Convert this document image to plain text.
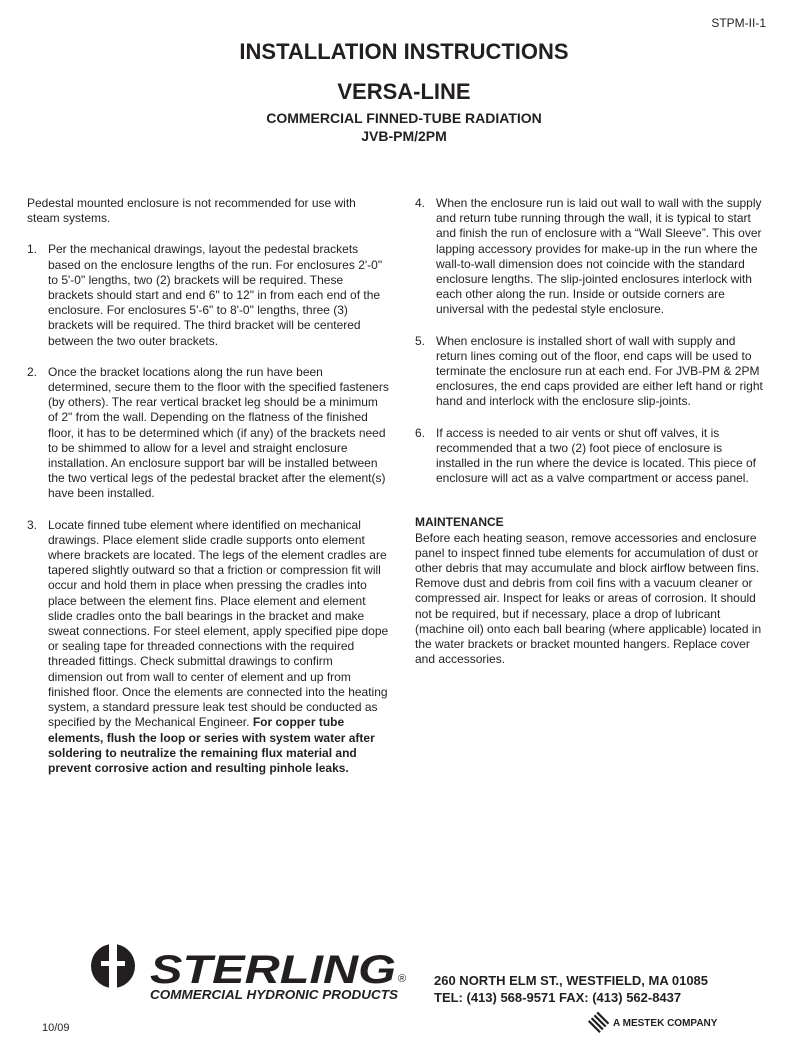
STPM-II-1
INSTALLATION INSTRUCTIONS
VERSA-LINE
COMMERCIAL FINNED-TUBE RADIATION
JVB-PM/2PM

Pedestal mounted enclosure is not recommended for use with steam systems.

1. Per the mechanical drawings, layout the pedestal brackets based on the enclosure lengths of the run. For enclosures 2'-0" to 5'-0" lengths, two (2) brackets will be required. These brackets should start and end 6" to 12" in from each end of the enclosure. For enclosures 5'-6" to 8'-0" lengths, three (3) brackets will be required. The third bracket will be centered between the two outer brackets.
2. Once the bracket locations along the run have been determined, secure them to the floor with the specified fasteners (by others). The rear vertical bracket leg should be a minimum of 2" from the wall. Depending on the flatness of the finished floor, it has to be determined which (if any) of the brackets need to be shimmed to allow for a level and straight enclosure installation. An enclosure support bar will be installed between the two vertical legs of the pedestal bracket after the element(s) have been installed.
3. Locate finned tube element where identified on mechanical drawings. Place element slide cradle supports onto element where brackets are located. The legs of the element cradles are tapered slightly outward so that a friction or compression fit will occur and hold them in place when pressing the cradles into place between the element fins. Place element and element slide cradles onto the ball bearings in the bracket and make sweat connections. For steel element, apply specified pipe dope or sealing tape for threaded connections with the required threaded fittings. Check submittal drawings to confirm dimension out from wall to center of element and up from finished floor. Once the elements are connected into the heating system, a standard pressure leak test should be conducted as specified by the Mechanical Engineer. For copper tube elements, flush the loop or series with system water after soldering to neutralize the remaining flux material and prevent corrosive action and resulting pinhole leaks.
4. When the enclosure run is laid out wall to wall with the supply and return tube running through the wall, it is typical to start and finish the run of enclosure with a “Wall Sleeve”. This over lapping accessory provides for make-up in the run where the wall-to-wall dimension does not coincide with the standard enclosure lengths. The slip-jointed enclosures interlock with each other along the run. Inside or outside corners are universal with the pedestal style enclosure.
5. When enclosure is installed short of wall with supply and return lines coming out of the floor, end caps will be used to terminate the enclosure run at each end. For JVB-PM & 2PM enclosures, the end caps provided are either left hand or right hand and interlock with the enclosure slip-joints.
6. If access is needed to air vents or shut off valves, it is recommended that a two (2) foot piece of enclosure is installed in the run where the device is located. This piece of enclosure will act as a valve compartment or access panel.
MAINTENANCE

Before each heating season, remove accessories and enclosure panel to inspect finned tube elements for accumulation of dust or other debris that may accumulate and block airflow between fins. Remove dust and debris from coil fins with a vacuum cleaner or compressed air. Inspect for leaks or areas of corrosion. It should not be required, but if necessary, place a drop of lubricant (machine oil) onto each ball bearing (where applicable) located in the water brackets or bracket mounted hangers. Replace cover and accessories.

STERLING ®
COMMERCIAL HYDRONIC PRODUCTS
260 NORTH ELM ST., WESTFIELD, MA 01085
TEL: (413) 568-9571 FAX: (413) 562-8437
10/09	A MESTEK COMPANY
